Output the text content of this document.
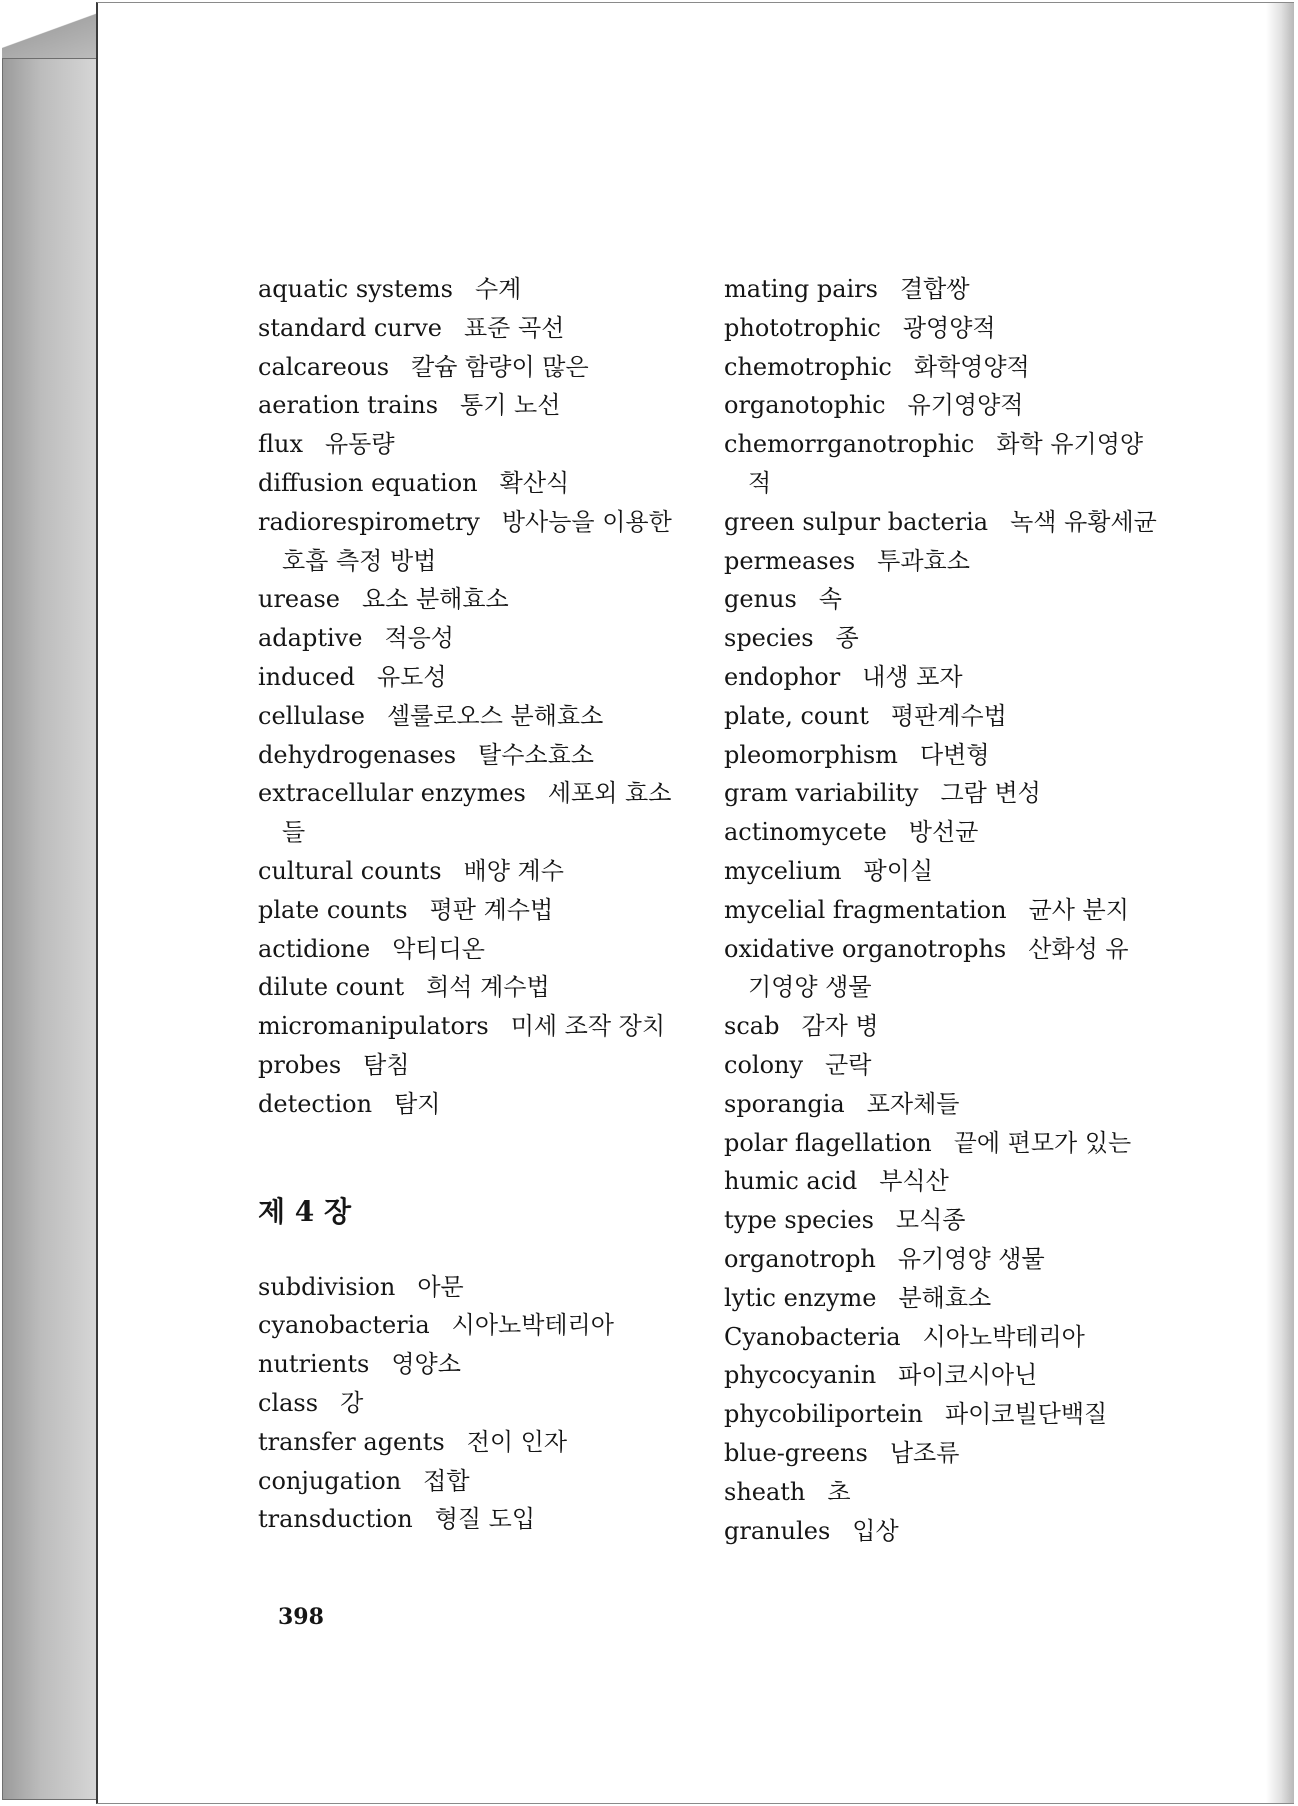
aquatic systems 수계
standard curve 표준 곡선
calcareous 칼슘 함량이 많은
aeration trains 통기 노선
flux 유동량
diffusion equation 확산식
radiorespirometry 방사능을 이용한
호흡 측정 방법
urease 요소 분해효소
adaptive 적응성
induced 유도성
cellulase 셀룰로오스 분해효소
dehydrogenases 탈수소효소
extracellular enzymes 세포외 효소
들
cultural counts 배양 계수
plate counts 평판 계수법
actidione 악티디온
dilute count 희석 계수법
micromanipulators 미세 조작 장치
probes 탐침
detection 탐지
제 4 장
subdivision 아문
cyanobacteria 시아노박테리아
nutrients 영양소
class 강
transfer agents 전이 인자
conjugation 접합
transduction 형질 도입
mating pairs 결합쌍
phototrophic 광영양적
chemotrophic 화학영양적
organotophic 유기영양적
chemorrganotrophic 화학 유기영양
적
green sulpur bacteria 녹색 유황세균
permeases 투과효소
genus 속
species 종
endophor 내생 포자
plate, count 평판계수법
pleomorphism 다변형
gram variability 그람 변성
actinomycete 방선균
mycelium 팡이실
mycelial fragmentation 균사 분지
oxidative organotrophs 산화성 유
기영양 생물
scab 감자 병
colony 군락
sporangia 포자체들
polar flagellation 끝에 편모가 있는
humic acid 부식산
type species 모식종
organotroph 유기영양 생물
lytic enzyme 분해효소
Cyanobacteria 시아노박테리아
phycocyanin 파이코시아닌
phycobiliportein 파이코빌단백질
blue-greens 남조류
sheath 초
granules 입상
398
